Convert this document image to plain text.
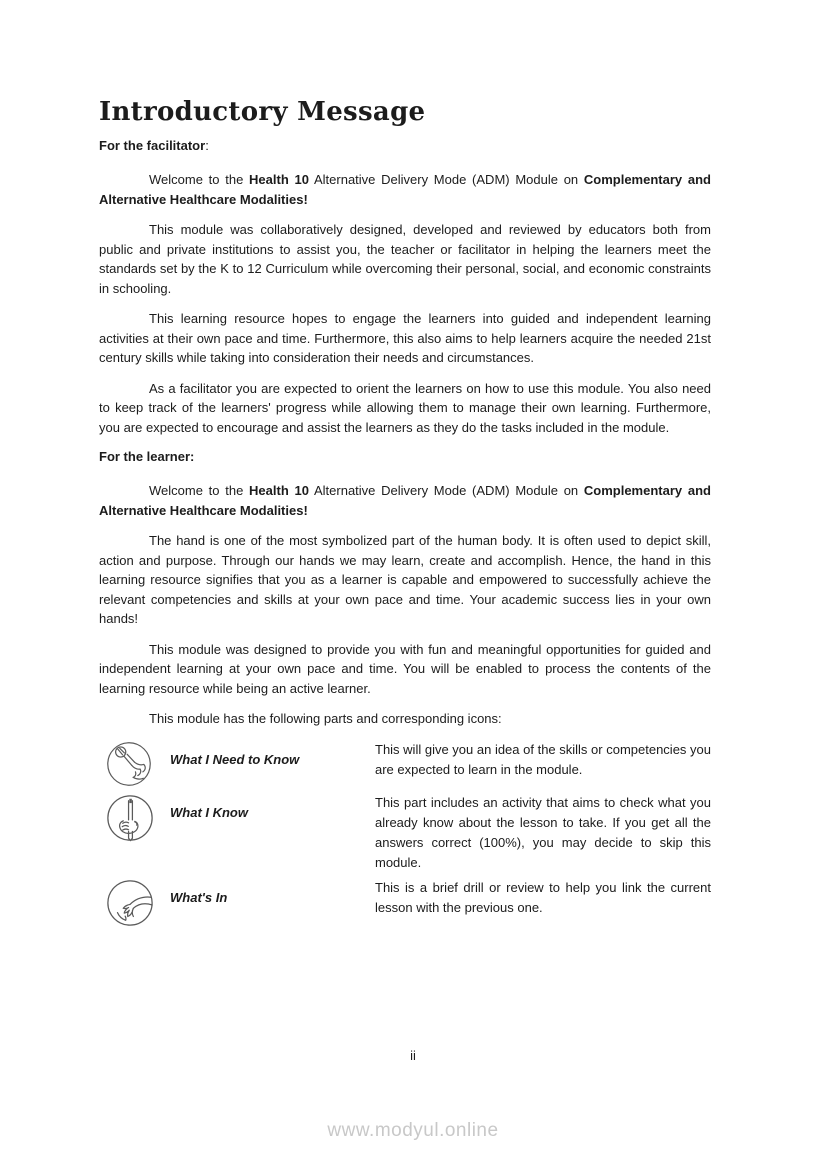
Introductory Message

For the facilitator:

Welcome to the Health 10 Alternative Delivery Mode (ADM) Module on Complementary and Alternative Healthcare Modalities!

This module was collaboratively designed, developed and reviewed by educators both from public and private institutions to assist you, the teacher or facilitator in helping the learners meet the standards set by the K to 12 Curriculum while overcoming their personal, social, and economic constraints in schooling.

This learning resource hopes to engage the learners into guided and independent learning activities at their own pace and time. Furthermore, this also aims to help learners acquire the needed 21st century skills while taking into consideration their needs and circumstances.

As a facilitator you are expected to orient the learners on how to use this module. You also need to keep track of the learners' progress while allowing them to manage their own learning. Furthermore, you are expected to encourage and assist the learners as they do the tasks included in the module.

For the learner:

Welcome to the Health 10 Alternative Delivery Mode (ADM) Module on Complementary and Alternative Healthcare Modalities!

The hand is one of the most symbolized part of the human body. It is often used to depict skill, action and purpose. Through our hands we may learn, create and accomplish. Hence, the hand in this learning resource signifies that you as a learner is capable and empowered to successfully achieve the relevant competencies and skills at your own pace and time. Your academic success lies in your own hands!

This module was designed to provide you with fun and meaningful opportunities for guided and independent learning at your own pace and time. You will be enabled to process the contents of the learning resource while being an active learner.

This module has the following parts and corresponding icons:

What I Need to Know

This will give you an idea of the skills or competencies you are expected to learn in the module.

What I Know

This part includes an activity that aims to check what you already know about the lesson to take. If you get all the answers correct (100%), you may decide to skip this module.

What's In

This is a brief drill or review to help you link the current lesson with the previous one.

ii
www.modyul.online
